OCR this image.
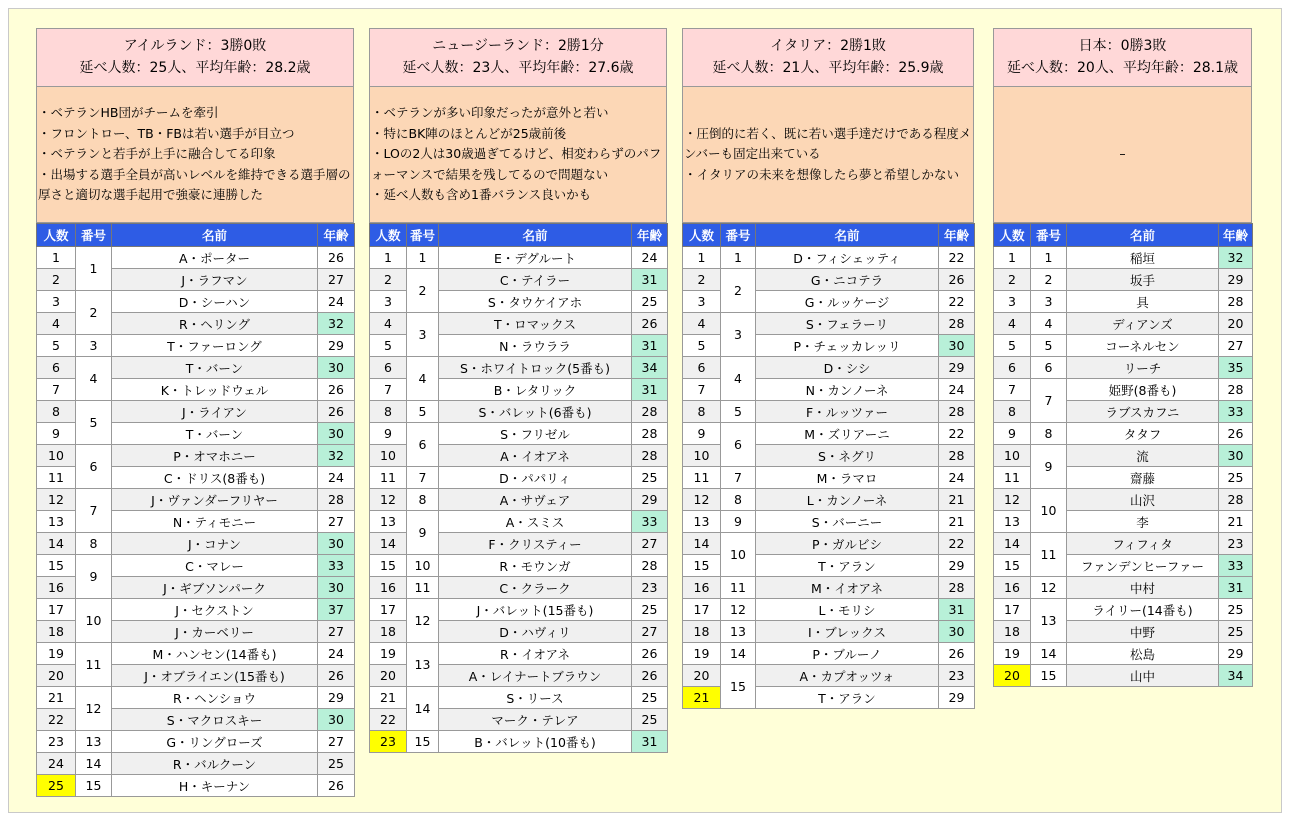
アイルランド：3勝0敗
延べ人数：25人、平均年齢：28.2歳
・ベテランHB団がチームを牽引
・フロントロー、TB・FBは若い選手が目立つ
・ベテランと若手が上手に融合してる印象
・出場する選手全員が高いレベルを維持できる選手層の厚さと適切な選手起用で強豪に連勝した
人数	番号	名前	年齢
1	1	A・ポーター	26
2		J・ラフマン	27
3	2	D・シーハン	24
4		R・ヘリング	32
5	3	T・ファーロング	29
6	4	T・バーン	30
7		K・トレッドウェル	26
8	5	J・ライアン	26
9		T・バーン	30
10	6	P・オマホニー	32
11		C・ドリス(8番も)	24
12	7	J・ヴァンダーフリヤー	28
13		N・ティモニー	27
14	8	J・コナン	30
15	9	C・マレー	33
16		J・ギブソンパーク	30
17	10	J・セクストン	37
18		J・カーベリー	27
19	11	M・ハンセン(14番も)	24
20		J・オブライエン(15番も)	26
21	12	R・ヘンショウ	29
22		S・マクロスキー	30
23	13	G・リングローズ	27
24	14	R・バルクーン	25
25	15	H・キーナン	26
ニュージーランド：2勝1分
延べ人数：23人、平均年齢：27.6歳
・ベテランが多い印象だったが意外と若い
・特にBK陣のほとんどが25歳前後
・LOの2人は30歳過ぎてるけど、相変わらずのパフォーマンスで結果を残してるので問題ない
・延べ人数も含め1番バランス良いかも
人数	番号	名前	年齢
1	1	E・デグルート	24
2	2	C・テイラー	31
3		S・タウケイアホ	25
4	3	T・ロマックス	26
5		N・ラウララ	31
6	4	S・ホワイトロック(5番も)	34
7		B・レタリック	31
8	5	S・バレット(6番も)	28
9	6	S・フリゼル	28
10		A・イオアネ	28
11	7	D・パパリィ	25
12	8	A・サヴェア	29
13	9	A・スミス	33
14		F・クリスティー	27
15	10	R・モウンガ	28
16	11	C・クラーク	23
17	12	J・バレット(15番も)	25
18		D・ハヴィリ	27
19	13	R・イオアネ	26
20		A・レイナートブラウン	26
21	14	S・リース	25
22		マーク・テレア	25
23	15	B・バレット(10番も)	31
イタリア：2勝1敗
延べ人数：21人、平均年齢：25.9歳
・圧倒的に若く、既に若い選手達だけである程度メンバーも固定出来ている
・イタリアの未来を想像したら夢と希望しかない
人数	番号	名前	年齢
1	1	D・フィシェッティ	22
2	2	G・ニコテラ	26
3		G・ルッケージ	22
4	3	S・フェラーリ	28
5		P・チェッカレッリ	30
6	4	D・シシ	29
7		N・カンノーネ	24
8	5	F・ルッツァー	28
9	6	M・ズリアーニ	22
10		S・ネグリ	28
11	7	M・ラマロ	24
12	8	L・カンノーネ	21
13	9	S・バーニー	21
14	10	P・ガルビシ	22
15		T・アラン	29
16	11	M・イオアネ	28
17	12	L・モリシ	31
18	13	I・ブレックス	30
19	14	P・ブルーノ	26
20	15	A・カプオッツォ	23
21		T・アラン	29
日本：0勝3敗
延べ人数：20人、平均年齢：28.1歳
–
人数	番号	名前	年齢
1	1	稲垣	32
2	2	坂手	29
3	3	具	28
4	4	ディアンズ	20
5	5	コーネルセン	27
6	6	リーチ	35
7	7	姫野(8番も)	28
8		ラブスカフニ	33
9	8	タタフ	26
10	9	流	30
11		齋藤	25
12	10	山沢	28
13		李	21
14	11	フィフィタ	23
15		ファンデンヒーファー	33
16	12	中村	31
17	13	ライリー(14番も)	25
18		中野	25
19	14	松島	29
20	15	山中	34
